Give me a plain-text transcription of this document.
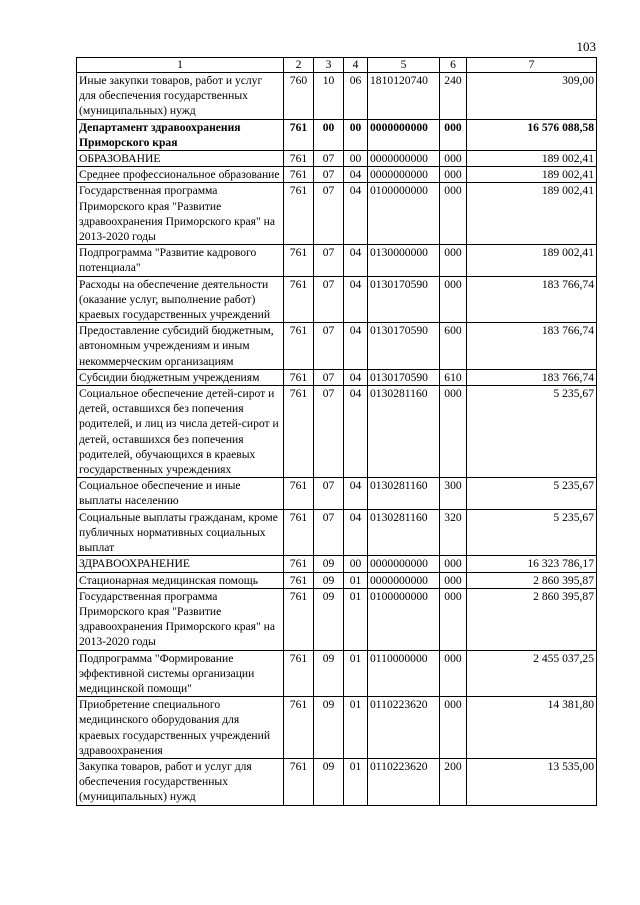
103
1	2	3	4	5	6	7
Иные закупки товаров, работ и услуг для обеспечения государственных (муниципальных) нужд	760	10	06	1810120740	240	309,00
Департамент здравоохранения Приморского края	761	00	00	0000000000	000	16 576 088,58
ОБРАЗОВАНИЕ	761	07	00	0000000000	000	189 002,41
Среднее профессиональное образование	761	07	04	0000000000	000	189 002,41
Государственная программа Приморского края "Развитие здравоохранения Приморского края" на 2013-2020 годы	761	07	04	0100000000	000	189 002,41
Подпрограмма "Развитие кадрового потенциала"	761	07	04	0130000000	000	189 002,41
Расходы на обеспечение деятельности (оказание услуг, выполнение работ) краевых государственных учреждений	761	07	04	0130170590	000	183 766,74
Предоставление субсидий бюджетным, автономным учреждениям и иным некоммерческим организациям	761	07	04	0130170590	600	183 766,74
Субсидии бюджетным учреждениям	761	07	04	0130170590	610	183 766,74
Социальное обеспечение детей-сирот и детей, оставшихся без попечения родителей, и лиц из числа детей-сирот и детей, оставшихся без попечения родителей, обучающихся в краевых государственных учреждениях	761	07	04	0130281160	000	5 235,67
Социальное обеспечение и иные выплаты населению	761	07	04	0130281160	300	5 235,67
Социальные выплаты гражданам, кроме публичных нормативных социальных выплат	761	07	04	0130281160	320	5 235,67
ЗДРАВООХРАНЕНИЕ	761	09	00	0000000000	000	16 323 786,17
Стационарная медицинская помощь	761	09	01	0000000000	000	2 860 395,87
Государственная программа Приморского края "Развитие здравоохранения Приморского края" на 2013-2020 годы	761	09	01	0100000000	000	2 860 395,87
Подпрограмма "Формирование эффективной системы организации медицинской помощи"	761	09	01	0110000000	000	2 455 037,25
Приобретение специального медицинского оборудования для краевых государственных учреждений здравоохранения	761	09	01	0110223620	000	14 381,80
Закупка товаров, работ и услуг для обеспечения государственных (муниципальных) нужд	761	09	01	0110223620	200	13 535,00
